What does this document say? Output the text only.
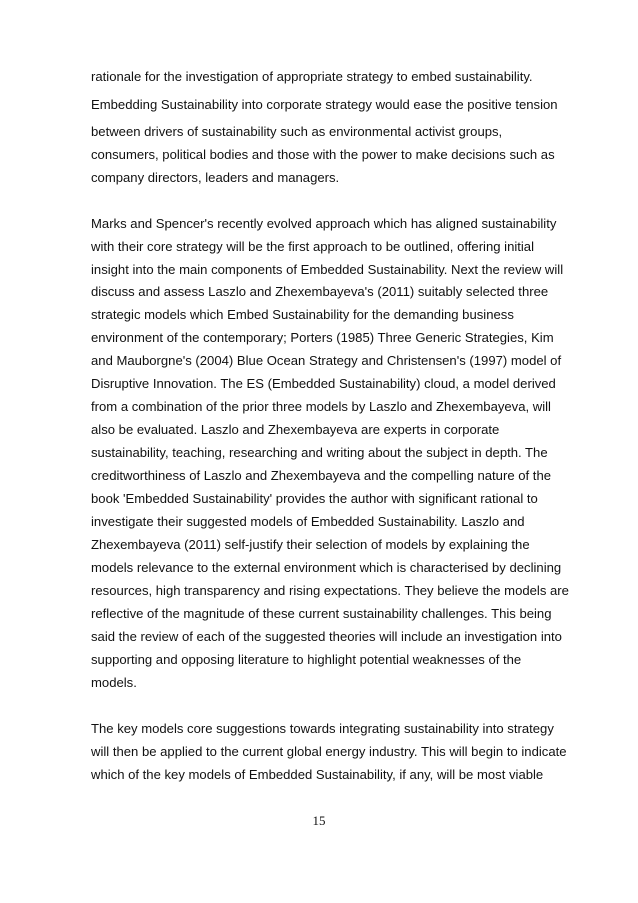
rationale for the investigation of appropriate strategy to embed sustainability.
Embedding Sustainability into corporate strategy would ease the positive tension
between drivers of sustainability such as environmental activist groups,
consumers, political bodies and those with the power to make decisions such as
company directors, leaders and managers.
Marks and Spencer's recently evolved approach which has aligned sustainability
with their core strategy will be the first approach to be outlined, offering initial
insight into the main components of Embedded Sustainability. Next the review will
discuss and assess Laszlo and Zhexembayeva's (2011) suitably selected three
strategic models which Embed Sustainability for the demanding business
environment of the contemporary; Porters (1985) Three Generic Strategies, Kim
and Mauborgne's (2004) Blue Ocean Strategy and Christensen's (1997) model of
Disruptive Innovation. The ES (Embedded Sustainability) cloud, a model derived
from a combination of the prior three models by Laszlo and Zhexembayeva, will
also be evaluated. Laszlo and Zhexembayeva are experts in corporate
sustainability, teaching, researching and writing about the subject in depth. The
creditworthiness of Laszlo and Zhexembayeva and the compelling nature of the
book 'Embedded Sustainability' provides the author with significant rational to
investigate their suggested models of Embedded Sustainability. Laszlo and
Zhexembayeva (2011) self-justify their selection of models by explaining the
models relevance to the external environment which is characterised by declining
resources, high transparency and rising expectations. They believe the models are
reflective of the magnitude of these current sustainability challenges. This being
said the review of each of the suggested theories will include an investigation into
supporting and opposing literature to highlight potential weaknesses of the
models.
The key models core suggestions towards integrating sustainability into strategy
will then be applied to the current global energy industry. This will begin to indicate
which of the key models of Embedded Sustainability, if any, will be most viable
15
